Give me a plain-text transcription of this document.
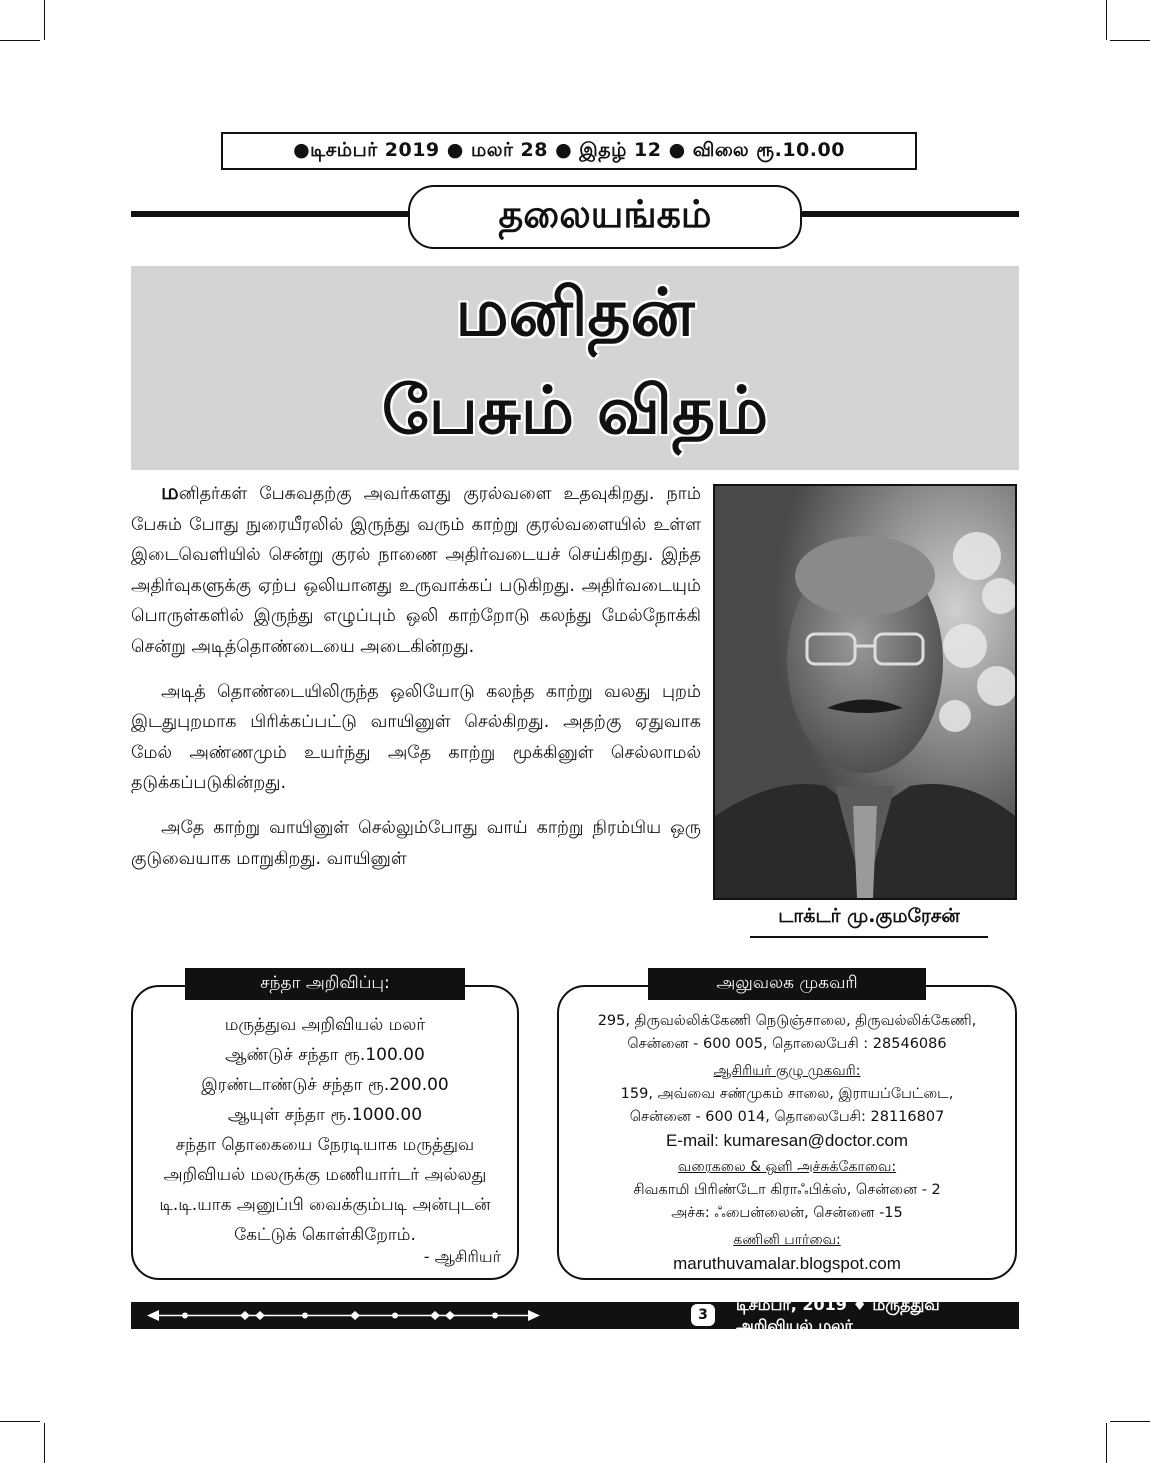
●டிசம்பர் 2019 ● மலர் 28 ● இதழ் 12 ● விலை ரூ.10.00
தலையங்கம்
மனிதன்
பேசும் விதம்

மனிதர்கள் பேசுவதற்கு அவர்களது குரல்வளை உதவுகிறது. நாம் பேசும் போது நுரையீரலில் இருந்து வரும் காற்று குரல்வளையில் உள்ள இடைவெளியில் சென்று குரல் நாணை அதிர்வடையச் செய்கிறது. இந்த அதிர்வுகளுக்கு ஏற்ப ஒலியானது உருவாக்கப் படுகிறது. அதிர்வடையும் பொருள்களில் இருந்து எழுப்பும் ஒலி காற்றோடு கலந்து மேல்நோக்கி சென்று அடித்தொண்டையை அடைகின்றது.

அடித் தொண்டையிலிருந்த ஒலியோடு கலந்த காற்று வலது புறம் இடதுபுறமாக பிரிக்கப்பட்டு வாயினுள் செல்கிறது. அதற்கு ஏதுவாக மேல் அண்ணமும் உயர்ந்து அதே காற்று மூக்கினுள் செல்லாமல் தடுக்கப்படுகின்றது.

அதே காற்று வாயினுள் செல்லும்போது வாய் காற்று நிரம்பிய ஒரு குடுவையாக மாறுகிறது. வாயினுள்

டாக்டர் மு.குமரேசன்
சந்தா அறிவிப்பு:
மருத்துவ அறிவியல் மலர்
ஆண்டுச் சந்தா ரூ.100.00
இரண்டாண்டுச் சந்தா ரூ.200.00
ஆயுள் சந்தா ரூ.1000.00
சந்தா தொகையை நேரடியாக மருத்துவ
அறிவியல் மலருக்கு மணியார்டர் அல்லது
டி.டி.யாக அனுப்பி வைக்கும்படி அன்புடன்
கேட்டுக் கொள்கிறோம்.
- ஆசிரியர்
அலுவலக முகவரி
295, திருவல்லிக்கேணி நெடுஞ்சாலை, திருவல்லிக்கேணி,
சென்னை - 600 005, தொலைபேசி : 28546086
ஆசிரியர் குழு முகவரி:
159, அவ்வை சண்முகம் சாலை, இராயப்பேட்டை,
சென்னை - 600 014, தொலைபேசி: 28116807
E-mail: kumaresan@doctor.com
வரைகலை & ஒளி அச்சுக்கோவை:
சிவகாமி பிரிண்டோ கிராஃபிக்ஸ், சென்னை - 2
அச்சு: ஃபைன்லைன், சென்னை -15
கணினி பார்வை:
maruthuvamalar.blogspot.com
3
டிசம்பர், 2019 ♦ மருத்துவ அறிவியல் மலர்
